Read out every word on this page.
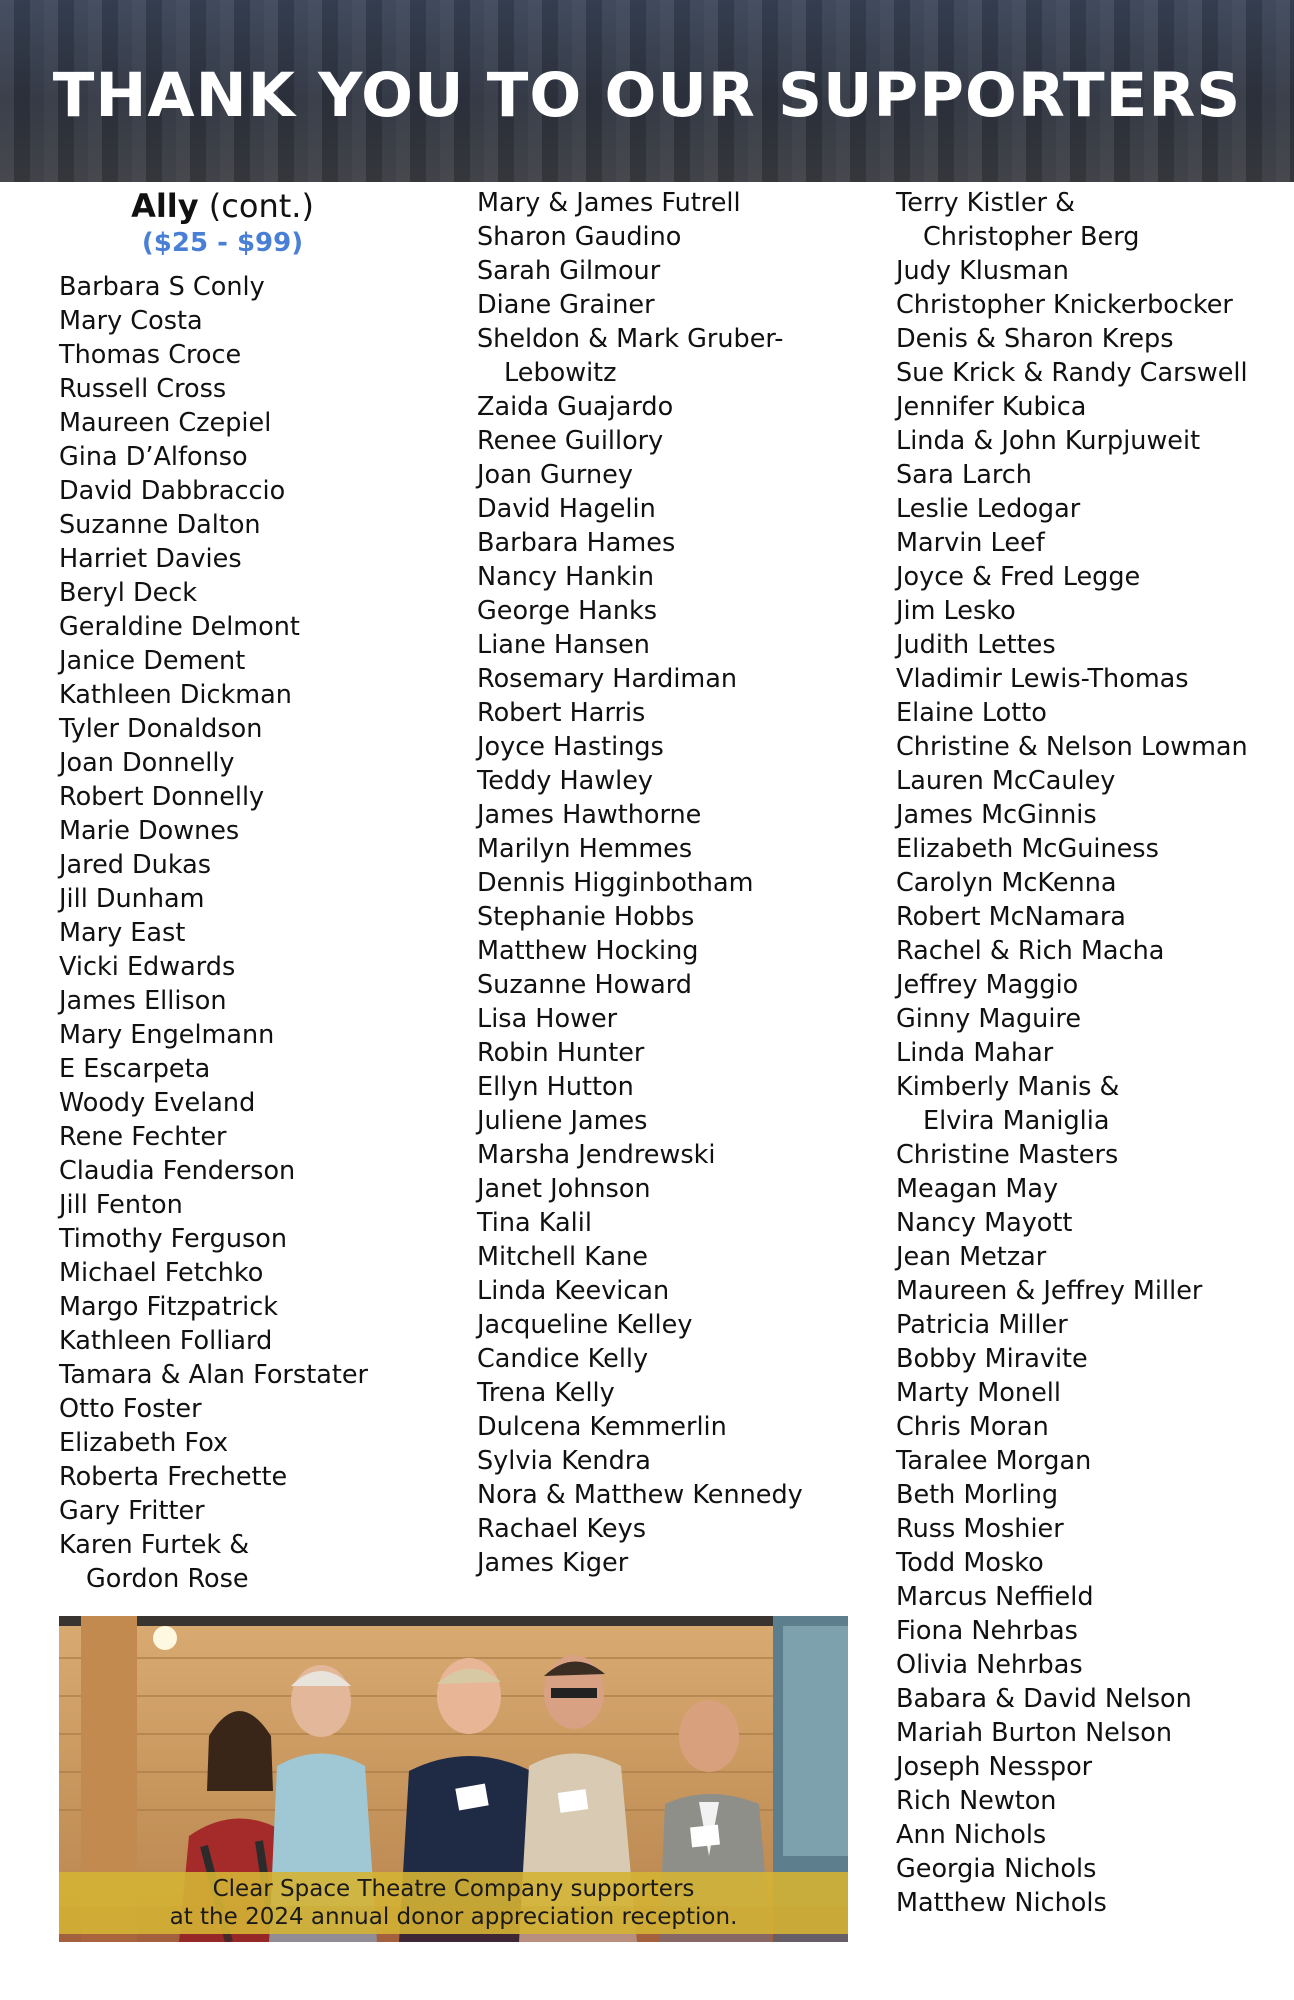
THANK YOU TO OUR SUPPORTERS
Ally (cont.)
($25 - $99)
Barbara S Conly
Mary Costa
Thomas Croce
Russell Cross
Maureen Czepiel
Gina D’Alfonso
David Dabbraccio
Suzanne Dalton
Harriet Davies
Beryl Deck
Geraldine Delmont
Janice Dement
Kathleen Dickman
Tyler Donaldson
Joan Donnelly
Robert Donnelly
Marie Downes
Jared Dukas
Jill Dunham
Mary East
Vicki Edwards
James Ellison
Mary Engelmann
E Escarpeta
Woody Eveland
Rene Fechter
Claudia Fenderson
Jill Fenton
Timothy Ferguson
Michael Fetchko
Margo Fitzpatrick
Kathleen Folliard
Tamara & Alan Forstater
Otto Foster
Elizabeth Fox
Roberta Frechette
Gary Fritter
Karen Furtek &
Gordon Rose
Mary & James Futrell
Sharon Gaudino
Sarah Gilmour
Diane Grainer
Sheldon & Mark Gruber-
Lebowitz
Zaida Guajardo
Renee Guillory
Joan Gurney
David Hagelin
Barbara Hames
Nancy Hankin
George Hanks
Liane Hansen
Rosemary Hardiman
Robert Harris
Joyce Hastings
Teddy Hawley
James Hawthorne
Marilyn Hemmes
Dennis Higginbotham
Stephanie Hobbs
Matthew Hocking
Suzanne Howard
Lisa Hower
Robin Hunter
Ellyn Hutton
Juliene James
Marsha Jendrewski
Janet Johnson
Tina Kalil
Mitchell Kane
Linda Keevican
Jacqueline Kelley
Candice Kelly
Trena Kelly
Dulcena Kemmerlin
Sylvia Kendra
Nora & Matthew Kennedy
Rachael Keys
James Kiger
Terry Kistler &
Christopher Berg
Judy Klusman
Christopher Knickerbocker
Denis & Sharon Kreps
Sue Krick & Randy Carswell
Jennifer Kubica
Linda & John Kurpjuweit
Sara Larch
Leslie Ledogar
Marvin Leef
Joyce & Fred Legge
Jim Lesko
Judith Lettes
Vladimir Lewis-Thomas
Elaine Lotto
Christine & Nelson Lowman
Lauren McCauley
James McGinnis
Elizabeth McGuiness
Carolyn McKenna
Robert McNamara
Rachel & Rich Macha
Jeffrey Maggio
Ginny Maguire
Linda Mahar
Kimberly Manis &
Elvira Maniglia
Christine Masters
Meagan May
Nancy Mayott
Jean Metzar
Maureen & Jeffrey Miller
Patricia Miller
Bobby Miravite
Marty Monell
Chris Moran
Taralee Morgan
Beth Morling
Russ Moshier
Todd Mosko
Marcus Neffield
Fiona Nehrbas
Olivia Nehrbas
Babara & David Nelson
Mariah Burton Nelson
Joseph Nesspor
Rich Newton
Ann Nichols
Georgia Nichols
Matthew Nichols
Clear Space Theatre Company supporters
at the 2024 annual donor appreciation reception.
